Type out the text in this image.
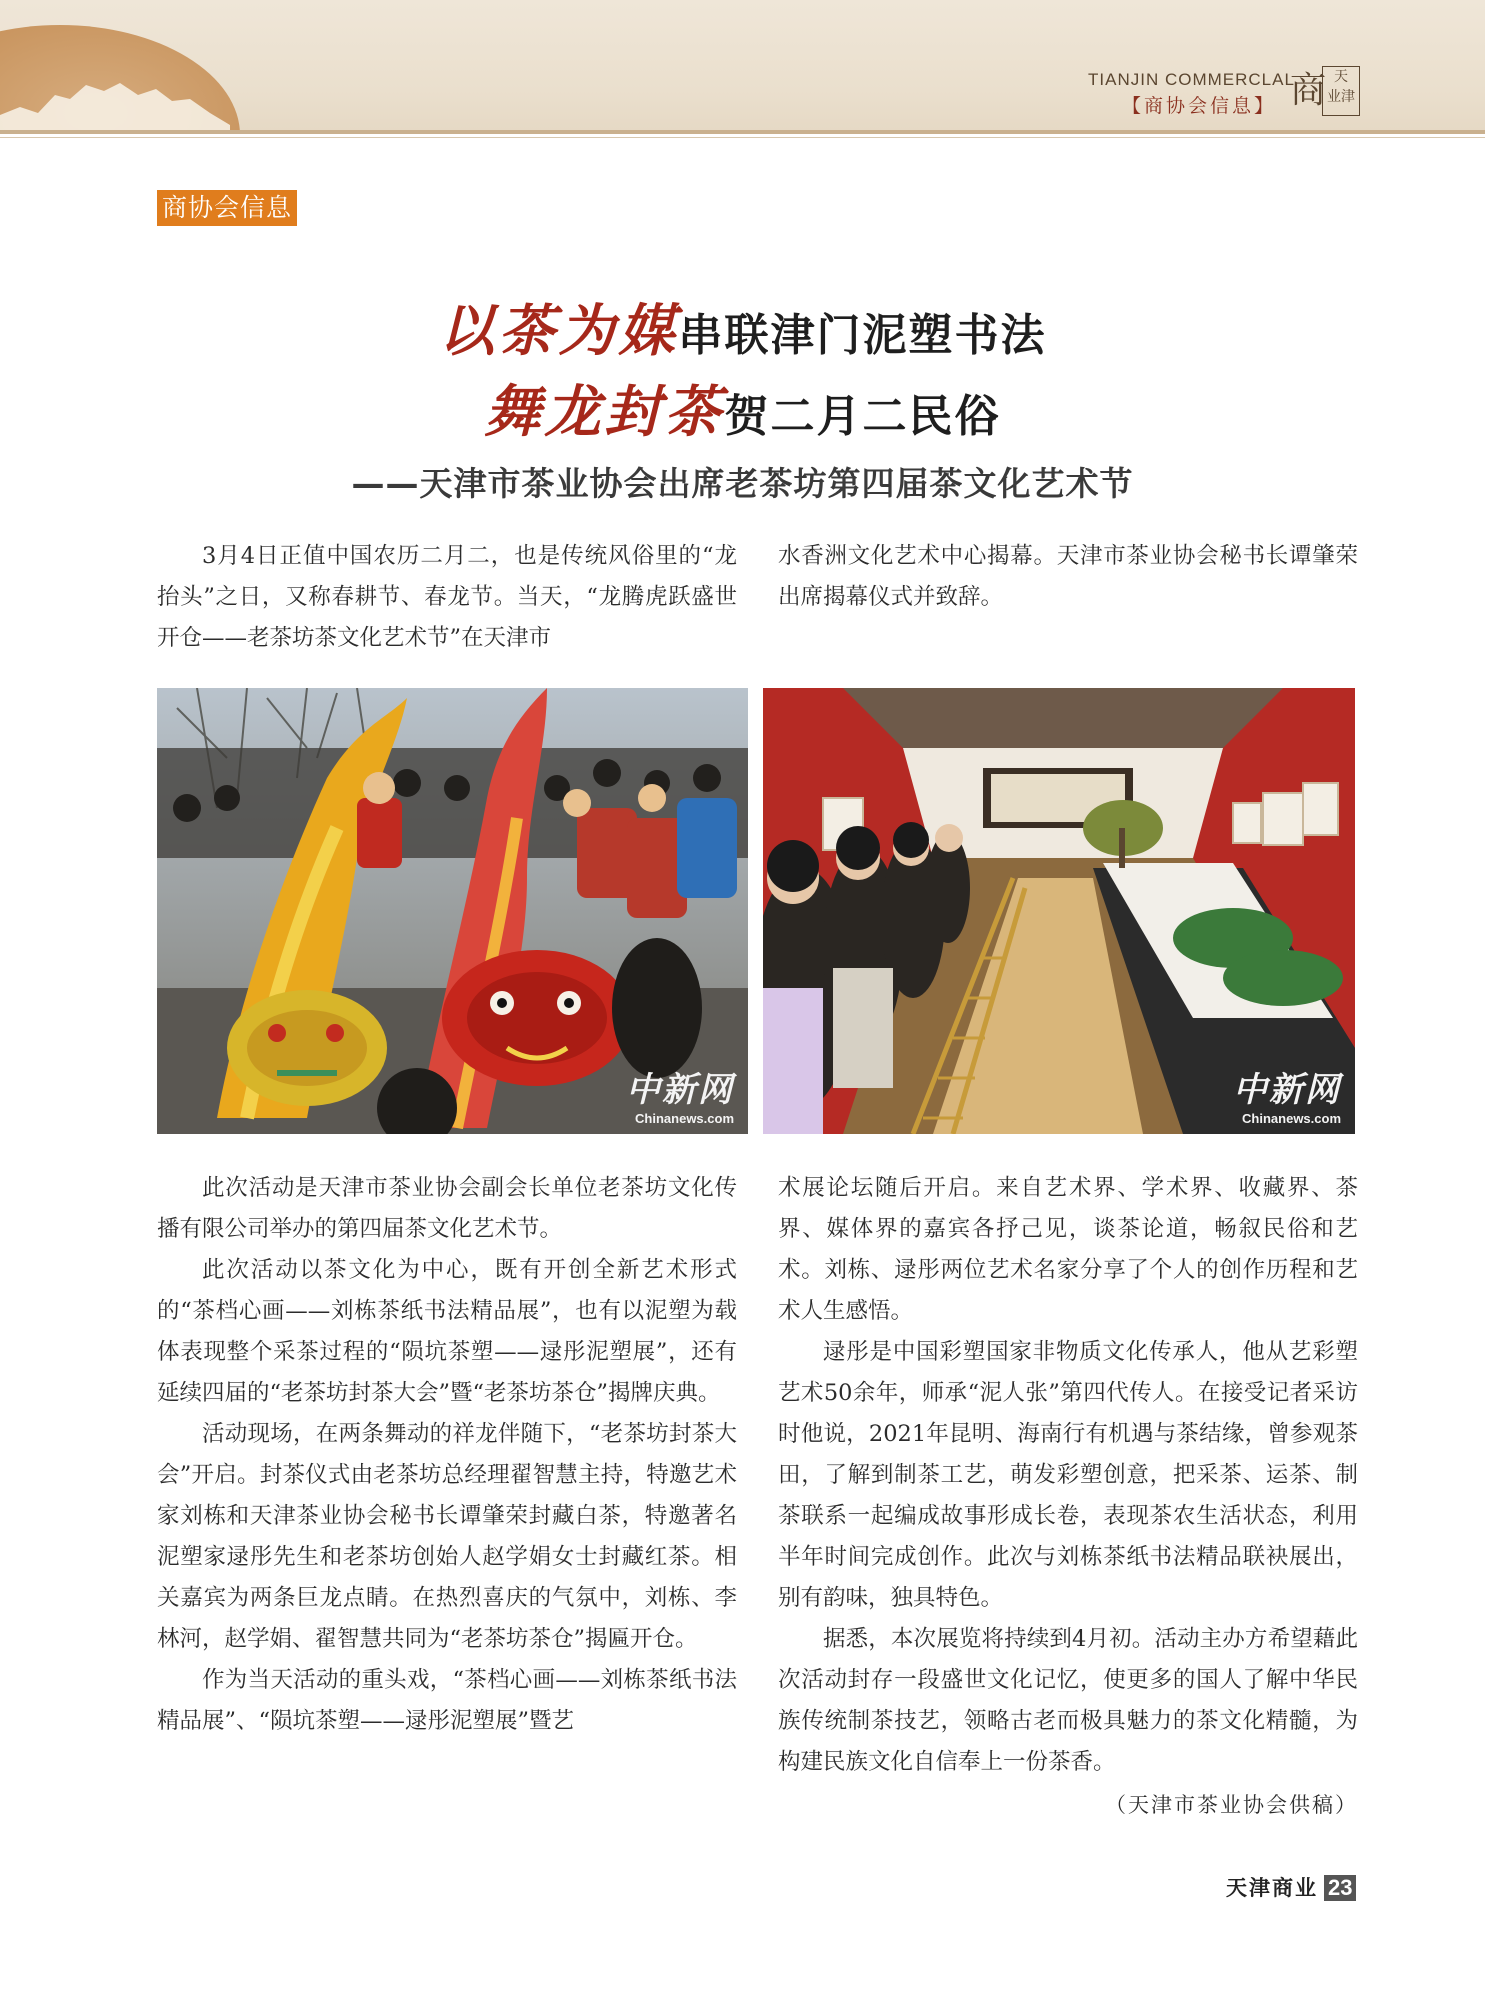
TIANJIN COMMERCLAL
【商协会信息】 商 天
业津
商协会信息
以茶为媒串联津门泥塑书法
舞龙封茶贺二月二民俗
——天津市茶业协会出席老茶坊第四届茶文化艺术节

3月4日正值中国农历二月二，也是传统风俗里的“龙抬头”之日，又称春耕节、春龙节。当天，“龙腾虎跃盛世开仓——老茶坊茶文化艺术节”在天津市

水香洲文化艺术中心揭幕。天津市茶业协会秘书长谭肇荣出席揭幕仪式并致辞。

中新网
Chinanews.com
中新网
Chinanews.com

此次活动是天津市茶业协会副会长单位老茶坊文化传播有限公司举办的第四届茶文化艺术节。

此次活动以茶文化为中心，既有开创全新艺术形式的“茶档心画——刘栋茶纸书法精品展”，也有以泥塑为载体表现整个采茶过程的“陨坑茶塑——逯彤泥塑展”，还有延续四届的“老茶坊封茶大会”暨“老茶坊茶仓”揭牌庆典。

活动现场，在两条舞动的祥龙伴随下，“老茶坊封茶大会”开启。封茶仪式由老茶坊总经理翟智慧主持，特邀艺术家刘栋和天津茶业协会秘书长谭肇荣封藏白茶，特邀著名泥塑家逯彤先生和老茶坊创始人赵学娟女士封藏红茶。相关嘉宾为两条巨龙点睛。在热烈喜庆的气氛中，刘栋、李林河，赵学娟、翟智慧共同为“老茶坊茶仓”揭匾开仓。

作为当天活动的重头戏，“茶档心画——刘栋茶纸书法精品展”、“陨坑茶塑——逯彤泥塑展”暨艺

术展论坛随后开启。来自艺术界、学术界、收藏界、茶界、媒体界的嘉宾各抒己见，谈茶论道，畅叙民俗和艺术。刘栋、逯彤两位艺术名家分享了个人的创作历程和艺术人生感悟。

逯彤是中国彩塑国家非物质文化传承人，他从艺彩塑艺术50余年，师承“泥人张”第四代传人。在接受记者采访时他说，2021年昆明、海南行有机遇与茶结缘，曾参观茶田，了解到制茶工艺，萌发彩塑创意，把采茶、运茶、制茶联系一起编成故事形成长卷，表现茶农生活状态，利用半年时间完成创作。此次与刘栋茶纸书法精品联袂展出，别有韵味，独具特色。

据悉，本次展览将持续到4月初。活动主办方希望藉此次活动封存一段盛世文化记忆，使更多的国人了解中华民族传统制茶技艺，领略古老而极具魅力的茶文化精髓，为构建民族文化自信奉上一份茶香。

（天津市茶业协会供稿）
天津商业 23
